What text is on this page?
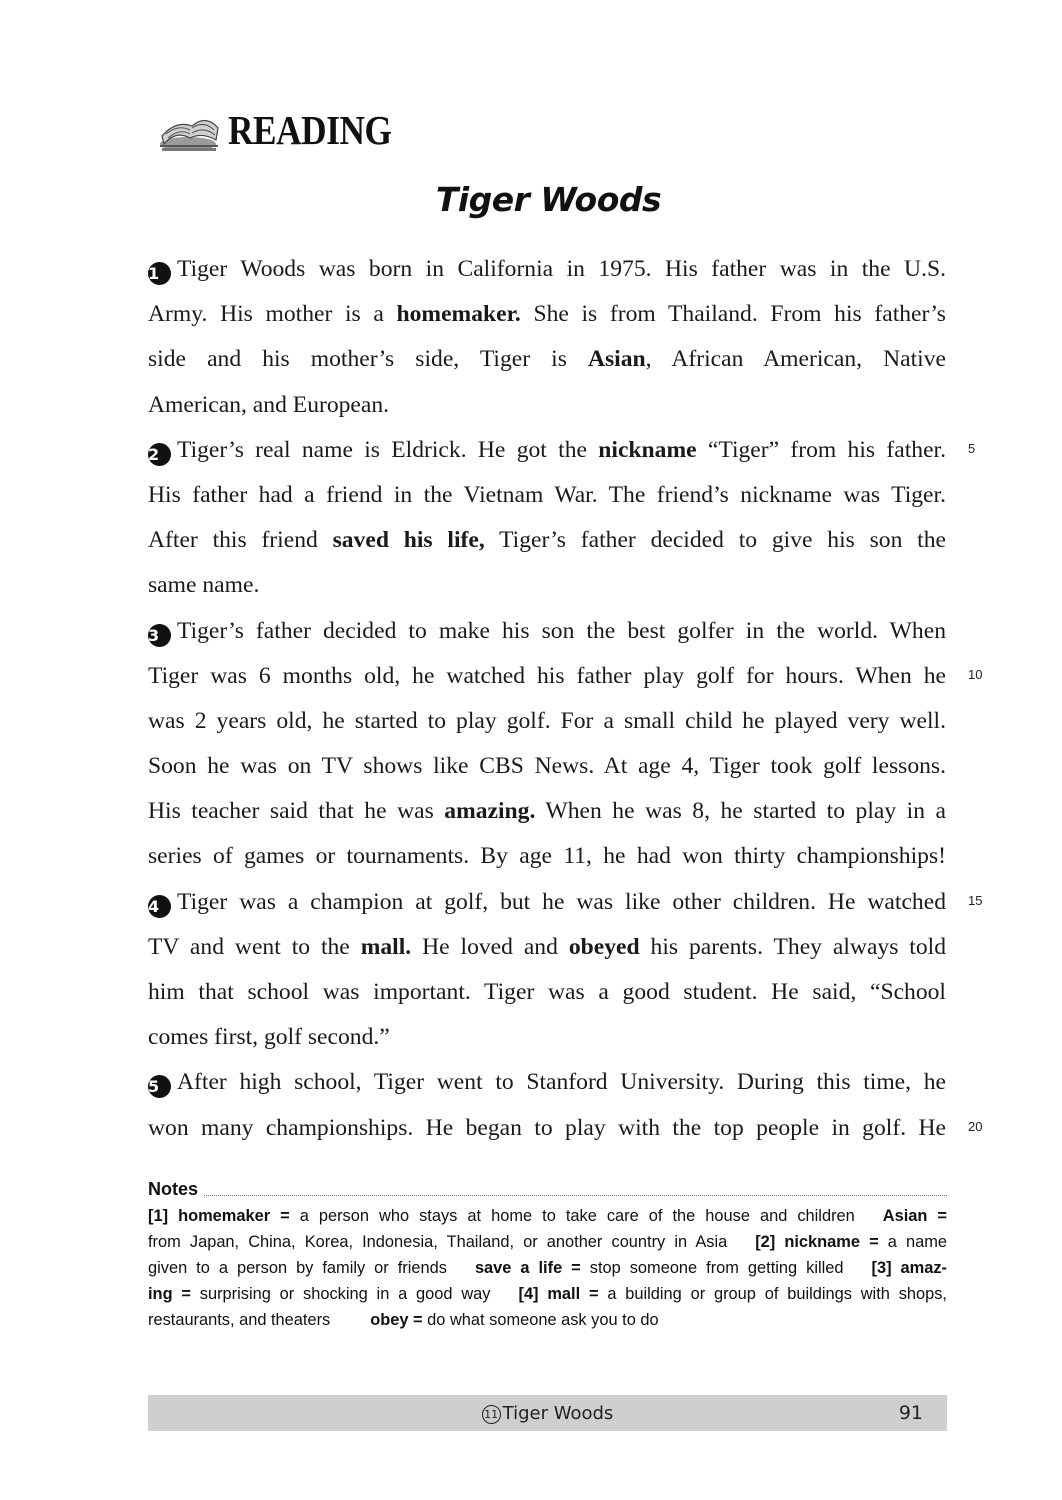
READING
Tiger Woods
1 Tiger Woods was born in California in 1975. His father was in the U.S.
Army. His mother is a homemaker. She is from Thailand. From his father’s
side and his mother’s side, Tiger is Asian, African American, Native
American, and European.
2 Tiger’s real name is Eldrick. He got the nickname “Tiger” from his father.
His father had a friend in the Vietnam War. The friend’s nickname was Tiger.
After this friend saved his life, Tiger’s father decided to give his son the
same name.
3 Tiger’s father decided to make his son the best golfer in the world. When
Tiger was 6 months old, he watched his father play golf for hours. When he
was 2 years old, he started to play golf. For a small child he played very well.
Soon he was on TV shows like CBS News. At age 4, Tiger took golf lessons.
His teacher said that he was amazing. When he was 8, he started to play in a
series of games or tournaments. By age 11, he had won thirty championships!
4 Tiger was a champion at golf, but he was like other children. He watched
TV and went to the mall. He loved and obeyed his parents. They always told
him that school was important. Tiger was a good student. He said, “School
comes first, golf second.”
5 After high school, Tiger went to Stanford University. During this time, he
won many championships. He began to play with the top people in golf. He
5
10
15
20
Notes
[1] homemaker = a person who stays at home to take care of the house and children Asian =
from Japan, China, Korea, Indonesia, Thailand, or another country in Asia [2] nickname = a name
given to a person by family or friends save a life = stop someone from getting killed [3] amaz-
ing = surprising or shocking in a good way [4] mall = a building or group of buildings with shops,
restaurants, and theaters obey = do what someone ask you to do
11 Tiger Woods	91
